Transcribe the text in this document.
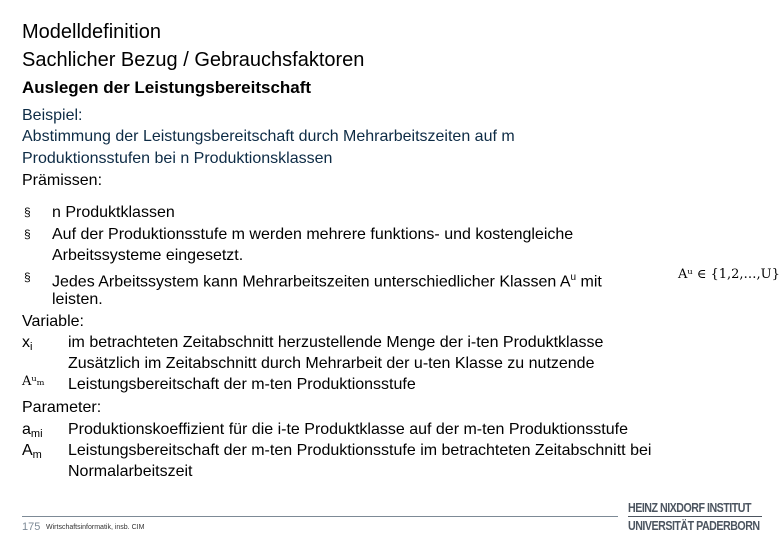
Modelldefinition
Sachlicher Bezug / Gebrauchsfaktoren
Auslegen der Leistungsbereitschaft
Beispiel:
Abstimmung der Leistungsbereitschaft durch Mehrarbeitszeiten auf m
Produktionsstufen bei n Produktionsklassen
Prämissen:
§ n Produktklassen
§ Auf der Produktionsstufe m werden mehrere funktions- und kostengleiche
Arbeitssysteme eingesetzt.
§ Jedes Arbeitssystem kann Mehrarbeitszeiten unterschiedlicher Klassen $A^u$ mit	Aᵘ ∈ {1,2,…,U}
leisten.
Variable:
$x_i$ im betrachteten Zeitabschnitt herzustellende Menge der i-ten Produktklasse
Zusätzlich im Zeitabschnitt durch Mehrarbeit der u-ten Klasse zu nutzende
Aᵘₘ Leistungsbereitschaft der m-ten Produktionsstufe
Parameter:
$a_{mi}$ Produktionskoeffizient für die i-te Produktklasse auf der m-ten Produktionsstufe
$A_m$ Leistungsbereitschaft der m-ten Produktionsstufe im betrachteten Zeitabschnitt bei
Normalarbeitszeit
175 Wirtschaftsinformatik, insb. CIM
HEINZ NIXDORF INSTITUT
UNIVERSITÄT PADERBORN
